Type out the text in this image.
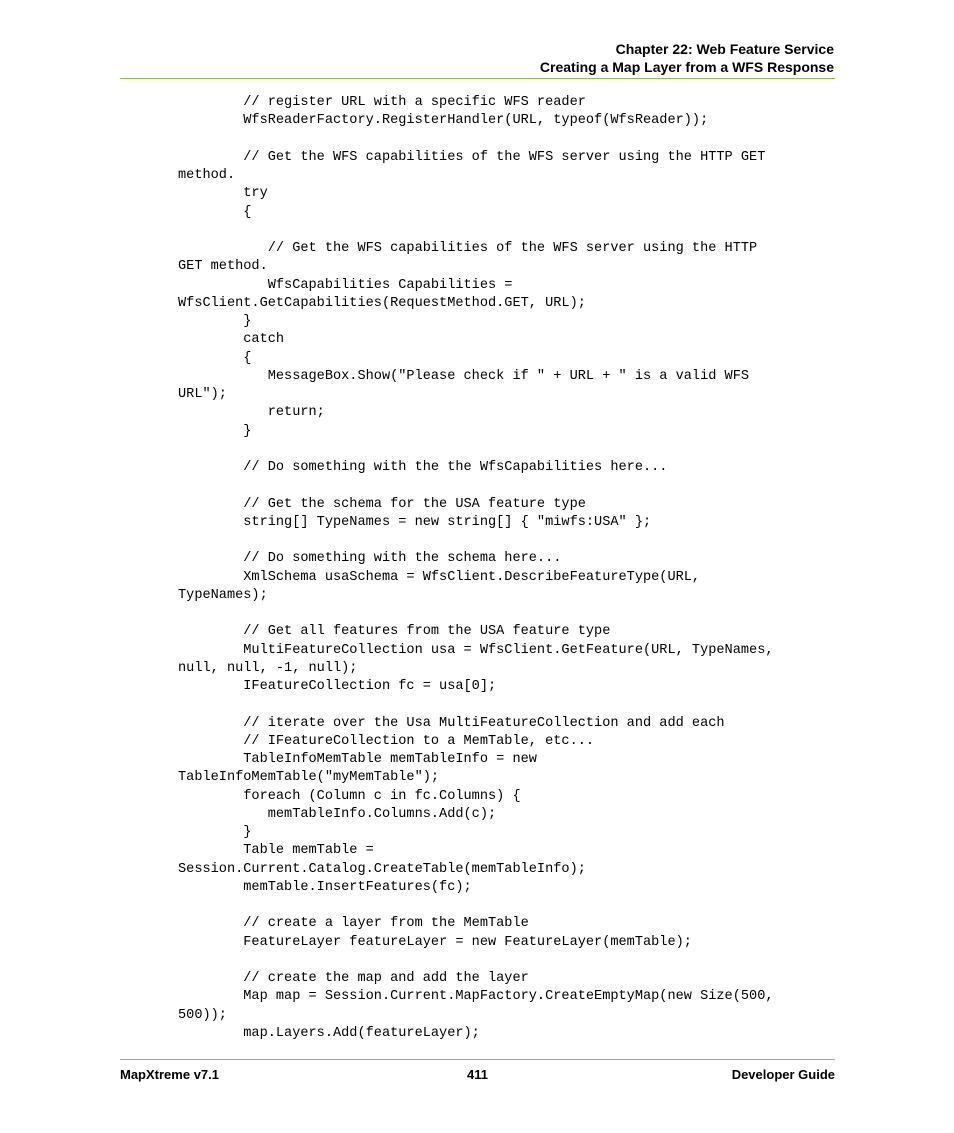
Chapter 22: Web Feature Service
Creating a Map Layer from a WFS Response
// register URL with a specific WFS reader
WfsReaderFactory.RegisterHandler(URL, typeof(WfsReader));
// Get the WFS capabilities of the WFS server using the HTTP GET
method.
try
{
// Get the WFS capabilities of the WFS server using the HTTP
GET method.
WfsCapabilities Capabilities =
WfsClient.GetCapabilities(RequestMethod.GET, URL);
}
catch
{
MessageBox.Show("Please check if " + URL + " is a valid WFS
URL");
return;
}
// Do something with the the WfsCapabilities here...
// Get the schema for the USA feature type
string[] TypeNames = new string[] { "miwfs:USA" };
// Do something with the schema here...
XmlSchema usaSchema = WfsClient.DescribeFeatureType(URL,
TypeNames);
// Get all features from the USA feature type
MultiFeatureCollection usa = WfsClient.GetFeature(URL, TypeNames,
null, null, -1, null);
IFeatureCollection fc = usa[0];
// iterate over the Usa MultiFeatureCollection and add each
// IFeatureCollection to a MemTable, etc...
TableInfoMemTable memTableInfo = new
TableInfoMemTable("myMemTable");
foreach (Column c in fc.Columns) {
memTableInfo.Columns.Add(c);
}
Table memTable =
Session.Current.Catalog.CreateTable(memTableInfo);
memTable.InsertFeatures(fc);
// create a layer from the MemTable
FeatureLayer featureLayer = new FeatureLayer(memTable);
// create the map and add the layer
Map map = Session.Current.MapFactory.CreateEmptyMap(new Size(500,
500));
map.Layers.Add(featureLayer);
MapXtreme v7.1	411	Developer Guide
